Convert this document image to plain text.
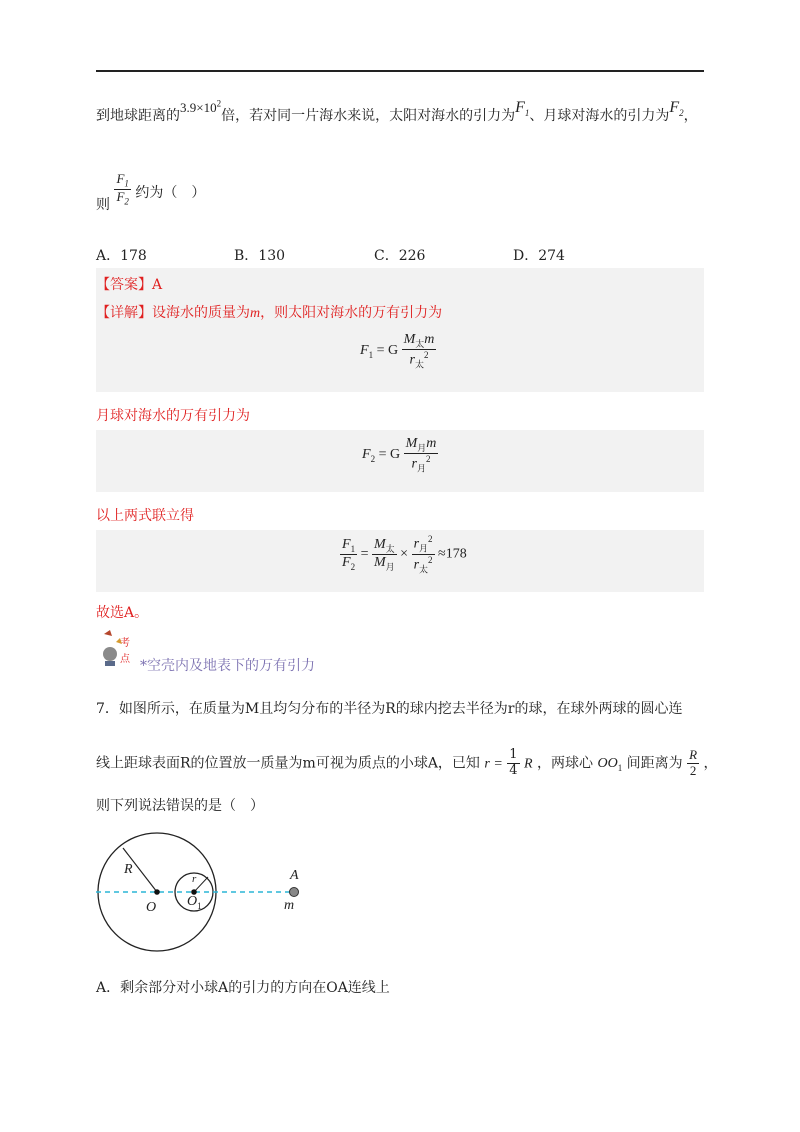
到地球距离的$3.9\times 10^2$倍，若对同一片海水来说，太阳对海水的引力为$F_1$、月球对海水的引力为$F_2$，
则 $\frac{F_1}{F_2}$ 约为（　）
A．178	B．130	C．226	D．274
【答案】A
【详解】设海水的质量为m，则太阳对海水的万有引力为
$F_1 = G \frac{M_太m}{r_太^2}$
月球对海水的万有引力为
$F_2 = G \frac{M_月m}{r_月^2}$
以上两式联立得
$\frac{F_1}{F_2} = \frac{M_太}{M_月} \times \frac{r_月^2}{r_太^2} \approx 178$
故选A。
考
点 *空壳内及地表下的万有引力
7．如图所示，在质量为M且均匀分布的半径为R的球内挖去半径为r的球，在球外两球的圆心连
线上距球表面R的位置放一质量为m可视为质点的小球A，已知 $r = \frac{1}{4}$ R ，两球心 $OO_1$ 间距离为 $\frac{R}{2}$ ，
则下列说法错误的是（　）
R
O
r
$O_1$
A
m
A．剩余部分对小球A的引力的方向在OA连线上
